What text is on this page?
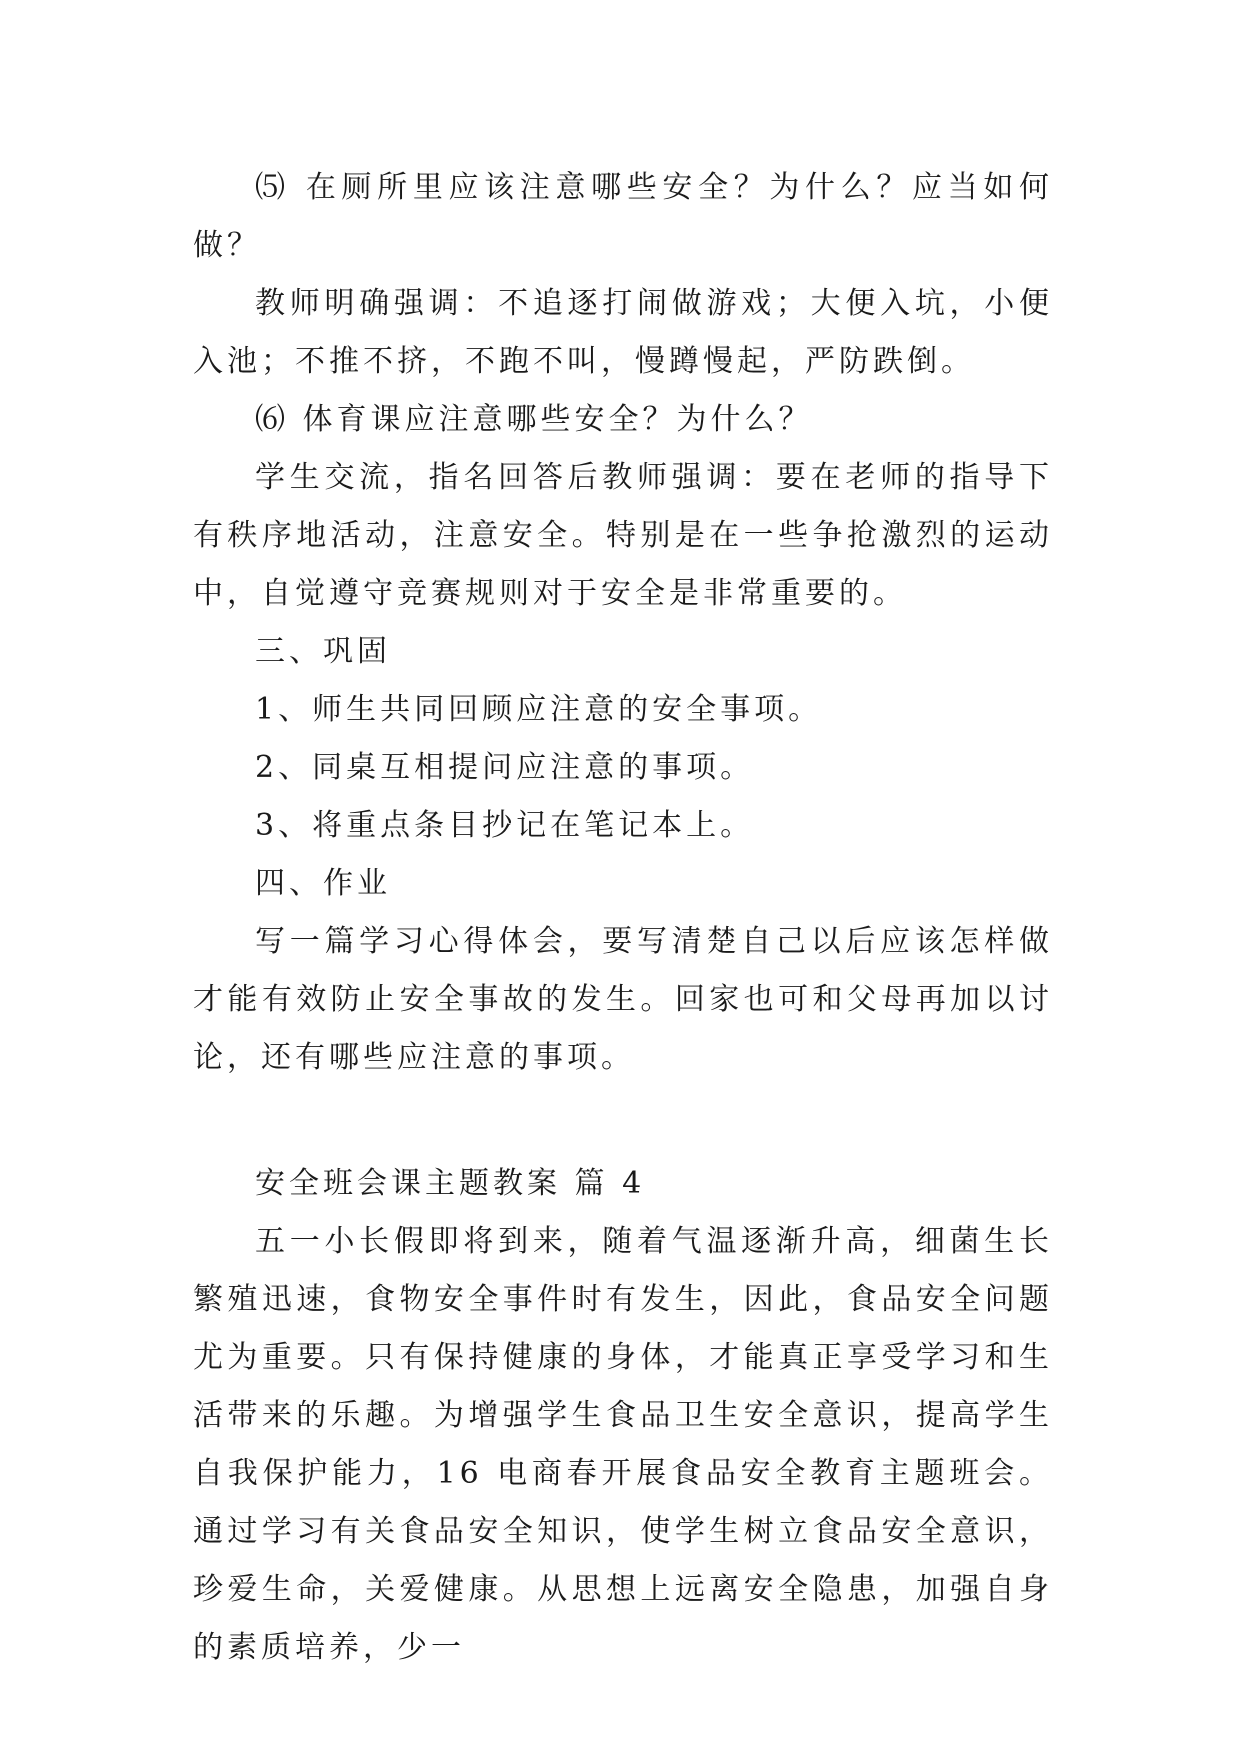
⑸ 在厕所里应该注意哪些安全？为什么？应当如何做？

教师明确强调：不追逐打闹做游戏；大便入坑，小便入池；不推不挤，不跑不叫，慢蹲慢起，严防跌倒。

⑹ 体育课应注意哪些安全？为什么？

学生交流，指名回答后教师强调：要在老师的指导下有秩序地活动，注意安全。特别是在一些争抢激烈的运动中，自觉遵守竞赛规则对于安全是非常重要的。

三、巩固

1、师生共同回顾应注意的安全事项。

2、同桌互相提问应注意的事项。

3、将重点条目抄记在笔记本上。

四、作业

写一篇学习心得体会，要写清楚自己以后应该怎样做才能有效防止安全事故的发生。回家也可和父母再加以讨论，还有哪些应注意的事项。

安全班会课主题教案 篇 4

五一小长假即将到来，随着气温逐渐升高，细菌生长繁殖迅速，食物安全事件时有发生，因此，食品安全问题尤为重要。只有保持健康的身体，才能真正享受学习和生活带来的乐趣。为增强学生食品卫生安全意识，提高学生自我保护能力，16 电商春开展食品安全教育主题班会。通过学习有关食品安全知识，使学生树立食品安全意识，珍爱生命，关爱健康。从思想上远离安全隐患，加强自身的素质培养，少一
